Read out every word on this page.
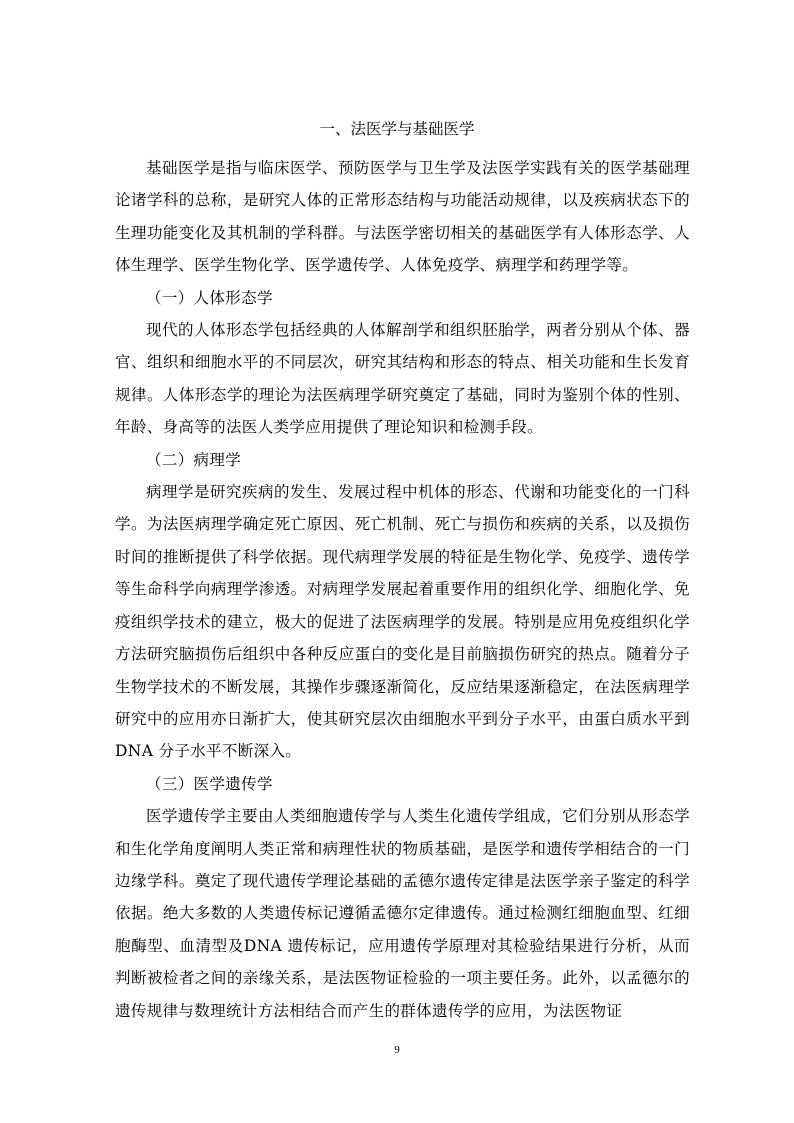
一、法医学与基础医学

基础医学是指与临床医学、预防医学与卫生学及法医学实践有关的医学基础理论诸学科的总称，是研究人体的正常形态结构与功能活动规律，以及疾病状态下的生理功能变化及其机制的学科群。与法医学密切相关的基础医学有人体形态学、人体生理学、医学生物化学、医学遗传学、人体免疫学、病理学和药理学等。

（一）人体形态学

现代的人体形态学包括经典的人体解剖学和组织胚胎学，两者分别从个体、器官、组织和细胞水平的不同层次，研究其结构和形态的特点、相关功能和生长发育规律。人体形态学的理论为法医病理学研究奠定了基础，同时为鉴别个体的性别、年龄、身高等的法医人类学应用提供了理论知识和检测手段。

（二）病理学

病理学是研究疾病的发生、发展过程中机体的形态、代谢和功能变化的一门科学。为法医病理学确定死亡原因、死亡机制、死亡与损伤和疾病的关系，以及损伤时间的推断提供了科学依据。现代病理学发展的特征是生物化学、免疫学、遗传学等生命科学向病理学渗透。对病理学发展起着重要作用的组织化学、细胞化学、免疫组织学技术的建立，极大的促进了法医病理学的发展。特别是应用免疫组织化学方法研究脑损伤后组织中各种反应蛋白的变化是目前脑损伤研究的热点。随着分子生物学技术的不断发展，其操作步骤逐渐简化，反应结果逐渐稳定，在法医病理学研究中的应用亦日渐扩大，使其研究层次由细胞水平到分子水平，由蛋白质水平到DNA 分子水平不断深入。

（三）医学遗传学

医学遗传学主要由人类细胞遗传学与人类生化遗传学组成，它们分别从形态学和生化学角度阐明人类正常和病理性状的物质基础，是医学和遗传学相结合的一门边缘学科。奠定了现代遗传学理论基础的孟德尔遗传定律是法医学亲子鉴定的科学依据。绝大多数的人类遗传标记遵循孟德尔定律遗传。通过检测红细胞血型、红细胞酶型、血清型及DNA 遗传标记，应用遗传学原理对其检验结果进行分析，从而判断被检者之间的亲缘关系，是法医物证检验的一项主要任务。此外，以孟德尔的遗传规律与数理统计方法相结合而产生的群体遗传学的应用，为法医物证

9
